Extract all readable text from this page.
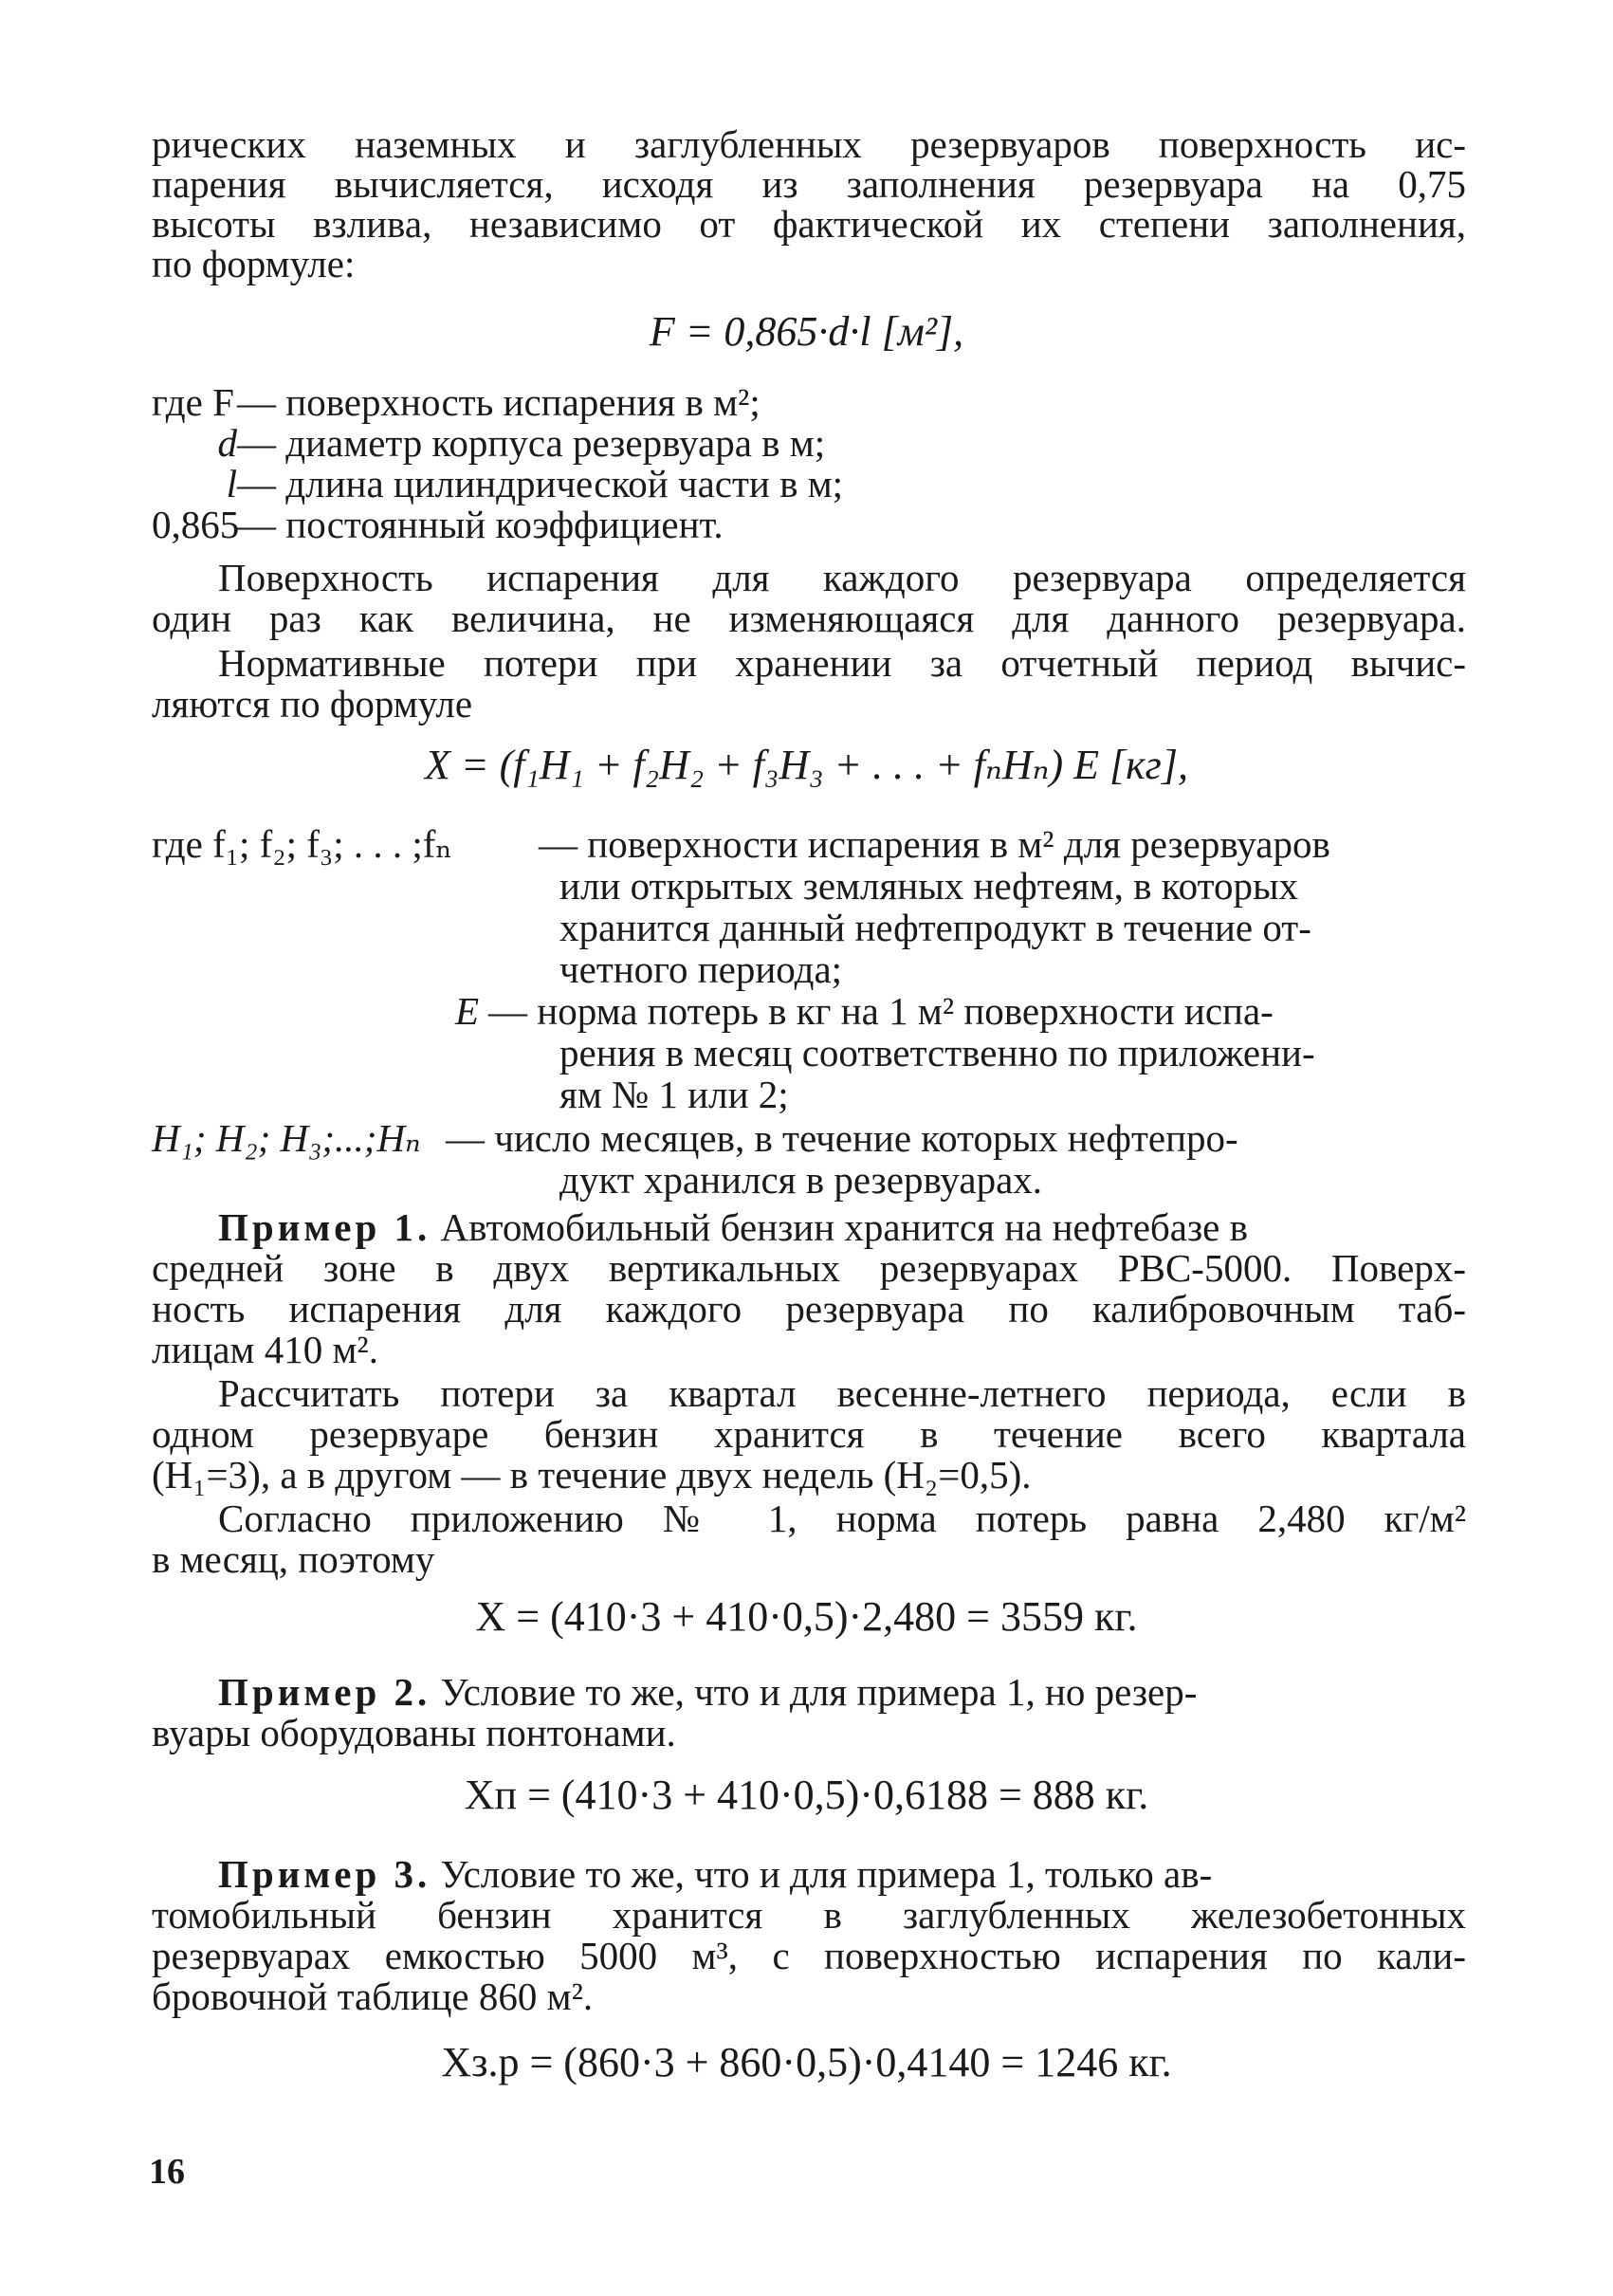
рических наземных и заглубленных резервуаров поверхность ис-
парения вычисляется, исходя из заполнения резервуара на 0,75
высоты взлива, независимо от фактической их степени заполнения,
по формуле:
F = 0,865·d·l [м²],
где F— поверхность испарения в м²;
d— диаметр корпуса резервуара в м;
l— длина цилиндрической части в м;
0,865— постоянный коэффициент.
Поверхность испарения для каждого резервуара определяется
один раз как величина, не изменяющаяся для данного резервуара.
Нормативные потери при хранении за отчетный период вычис-
ляются по формуле
X = (f₁H₁ + f₂H₂ + f₃H₃ + . . . + fₙHₙ) E [кг],
где f₁; f₂; f₃; . . . ;fₙ — поверхности испарения в м² для резервуаров
или открытых земляных нефтеям, в которых
хранится данный нефтепродукт в течение от-
четного периода;
E — норма потерь в кг на 1 м² поверхности испа-
рения в месяц соответственно по приложени-
ям № 1 или 2;
H₁; H₂; H₃;...;Hₙ — число месяцев, в течение которых нефтепро-
дукт хранился в резервуарах.
Пример 1. Автомобильный бензин хранится на нефтебазе в
средней зоне в двух вертикальных резервуарах РВС-5000. Поверх-
ность испарения для каждого резервуара по калибровочным таб-
лицам 410 м².
Рассчитать потери за квартал весенне-летнего периода, если в
одном резервуаре бензин хранится в течение всего квартала
(H₁=3), а в другом — в течение двух недель (H₂=0,5).
Согласно приложению № 1, норма потерь равна 2,480 кг/м²
в месяц, поэтому
X = (410·3 + 410·0,5)·2,480 = 3559 кг.
Пример 2. Условие то же, что и для примера 1, но резер-
вуары оборудованы понтонами.
Xп = (410·3 + 410·0,5)·0,6188 = 888 кг.
Пример 3. Условие то же, что и для примера 1, только ав-
томобильный бензин хранится в заглубленных железобетонных
резервуарах емкостью 5000 м³, с поверхностью испарения по кали-
бровочной таблице 860 м².
Xз.р = (860·3 + 860·0,5)·0,4140 = 1246 кг.
16
